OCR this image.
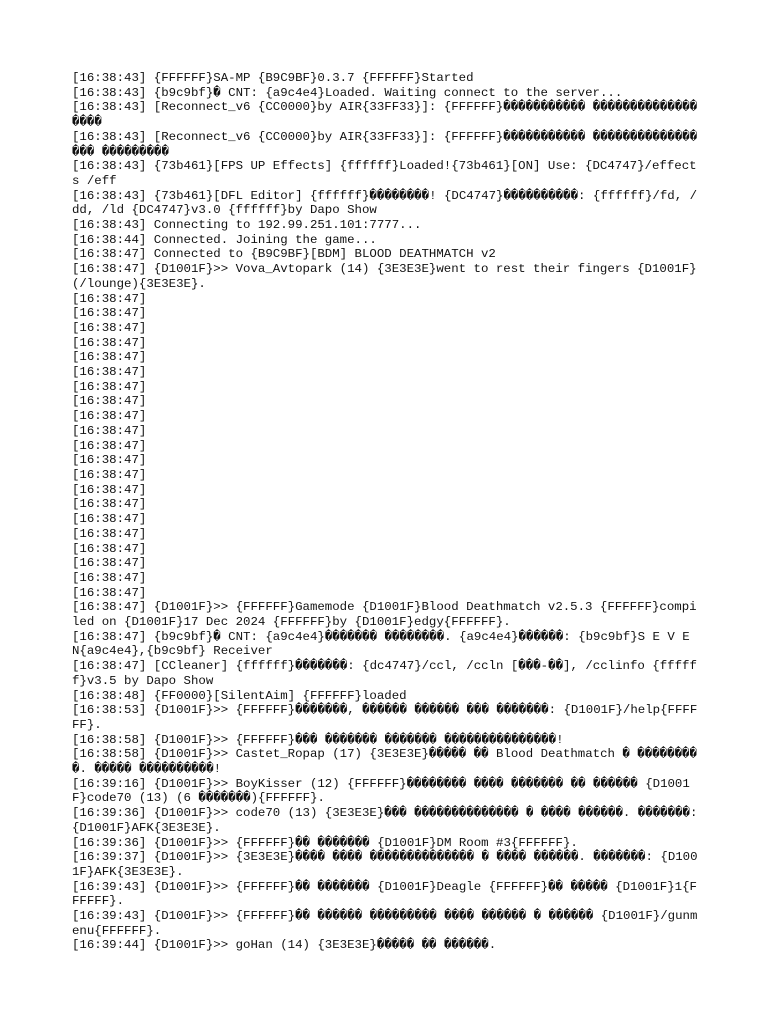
[16:38:43] {FFFFFF}SA-MP {B9C9BF}0.3.7 {FFFFFF}Started
[16:38:43] {b9c9bf}� CNT: {a9c4e4}Loaded. Waiting connect to the server...
[16:38:43] [Reconnect_v6 {CC0000}by AIR{33FF33}]: {FFFFFF}����������� ������������������
[16:38:43] [Reconnect_v6 {CC0000}by AIR{33FF33}]: {FFFFFF}����������� ����������������� ���������
[16:38:43] {73b461}[FPS UP Effects] {ffffff}Loaded!{73b461}[ON] Use: {DC4747}/effects /eff
[16:38:43] {73b461}[DFL Editor] {ffffff}��������! {DC4747}����������: {ffffff}/fd, /dd, /ld {DC4747}v3.0 {ffffff}by Dapo Show
[16:38:43] Connecting to 192.99.251.101:7777...
[16:38:44] Connected. Joining the game...
[16:38:47] Connected to {B9C9BF}[BDM] BLOOD DEATHMATCH v2
[16:38:47] {D1001F}>> Vova_Avtopark (14) {3E3E3E}went to rest their fingers {D1001F}(/lounge){3E3E3E}.
[16:38:47]
[16:38:47]
[16:38:47]
[16:38:47]
[16:38:47]
[16:38:47]
[16:38:47]
[16:38:47]
[16:38:47]
[16:38:47]
[16:38:47]
[16:38:47]
[16:38:47]
[16:38:47]
[16:38:47]
[16:38:47]
[16:38:47]
[16:38:47]
[16:38:47]
[16:38:47]
[16:38:47]
[16:38:47] {D1001F}>> {FFFFFF}Gamemode {D1001F}Blood Deathmatch v2.5.3 {FFFFFF}compiled on {D1001F}17 Dec 2024 {FFFFFF}by {D1001F}edgy{FFFFFF}.
[16:38:47] {b9c9bf}� CNT: {a9c4e4}������� ��������. {a9c4e4}������: {b9c9bf}S E V E N{a9c4e4},{b9c9bf} Receiver
[16:38:47] [CCleaner] {ffffff}�������: {dc4747}/ccl, /ccln [���-��], /cclinfo {ffffff}v3.5 by Dapo Show
[16:38:48] {FF0000}[SilentAim] {FFFFFF}loaded
[16:38:53] {D1001F}>> {FFFFFF}�������, ������ ������ ��� �������: {D1001F}/help{FFFFFF}.
[16:38:58] {D1001F}>> {FFFFFF}��� ������� ������� ���������������!
[16:38:58] {D1001F}>> Castet_Ropap (17) {3E3E3E}����� �� Blood Deathmatch � ���������. ����� ����������!
[16:39:16] {D1001F}>> BoyKisser (12) {FFFFFF}�������� ���� ������� �� ������ {D1001F}code70 (13) (6 �������){FFFFFF}.
[16:39:36] {D1001F}>> code70 (13) {3E3E3E}��� �������������� � ���� ������. �������: {D1001F}AFK{3E3E3E}.
[16:39:36] {D1001F}>> {FFFFFF}�� ������� {D1001F}DM Room #3{FFFFFF}.
[16:39:37] {D1001F}>> {3E3E3E}���� ���� �������������� � ���� ������. �������: {D1001F}AFK{3E3E3E}.
[16:39:43] {D1001F}>> {FFFFFF}�� ������� {D1001F}Deagle {FFFFFF}�� ����� {D1001F}1{FFFFFF}.
[16:39:43] {D1001F}>> {FFFFFF}�� ������ ��������� ���� ������ � ������ {D1001F}/gunmenu{FFFFFF}.
[16:39:44] {D1001F}>> goHan (14) {3E3E3E}����� �� ������.
